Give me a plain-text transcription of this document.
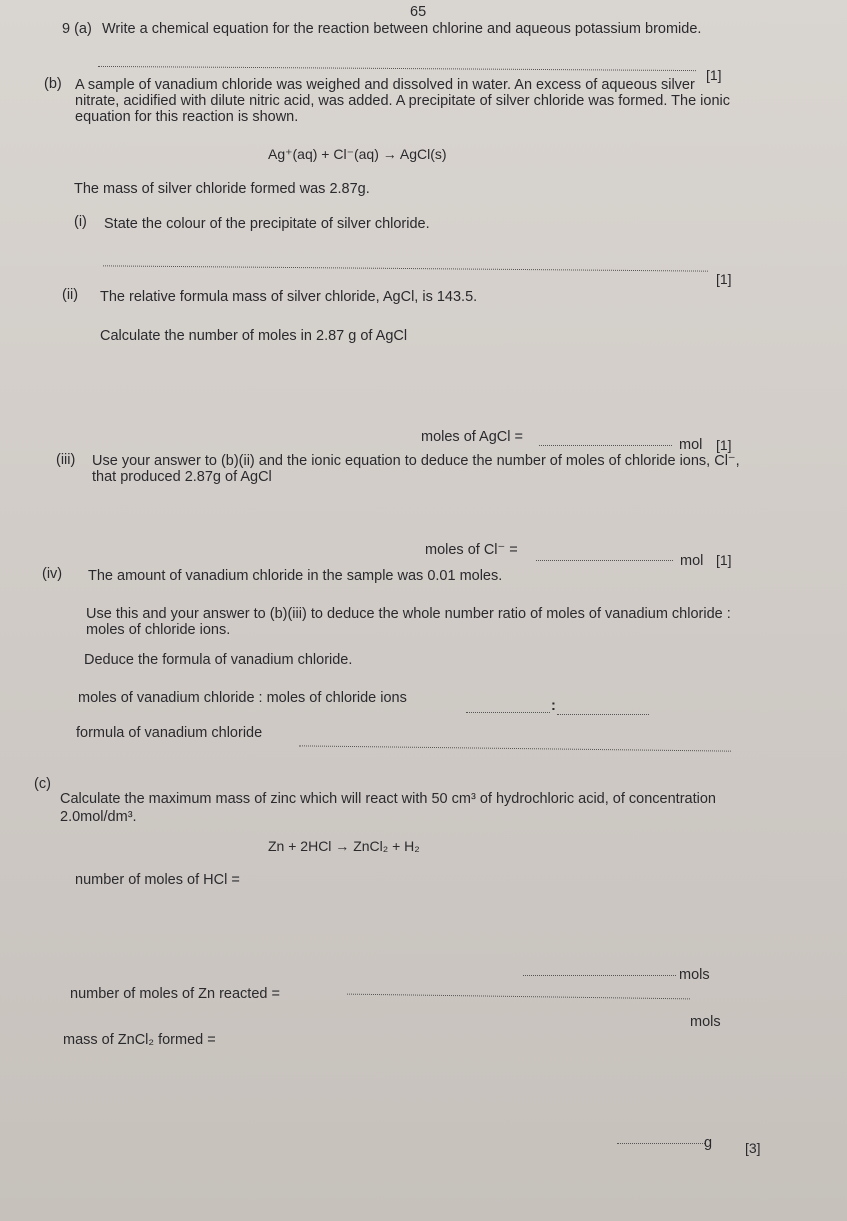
65
9 (a) Write a chemical equation for the reaction between chlorine and aqueous potassium bromide.
[1]
(b) A sample of vanadium chloride was weighed and dissolved in water. An excess of aqueous silver nitrate, acidified with dilute nitric acid, was added. A precipitate of silver chloride was formed. The ionic equation for this reaction is shown.
Ag⁺(aq) + Cl⁻(aq) → AgCl(s)
The mass of silver chloride formed was 2.87g.
(i) State the colour of the precipitate of silver chloride.
[1]
(ii) The relative formula mass of silver chloride, AgCl, is 143.5.
Calculate the number of moles in 2.87 g of AgCl
moles of AgCl =	mol [1]
(iii) Use your answer to (b)(ii) and the ionic equation to deduce the number of moles of chloride ions, Cl⁻, that produced 2.87g of AgCl
moles of Cl⁻ =
mol [1]
(iv) The amount of vanadium chloride in the sample was 0.01 moles.
Use this and your answer to (b)(iii) to deduce the whole number ratio of moles of vanadium chloride : moles of chloride ions.
Deduce the formula of vanadium chloride.
moles of vanadium chloride : moles of chloride ions	:
formula of vanadium chloride
(c)
Calculate the maximum mass of zinc which will react with 50 cm³ of hydrochloric acid, of concentration 2.0mol/dm³.
Zn + 2HCl → ZnCl₂ + H₂
number of moles of HCl =
mols
number of moles of Zn reacted =
mols
mass of ZnCl₂ formed =
g [3]
